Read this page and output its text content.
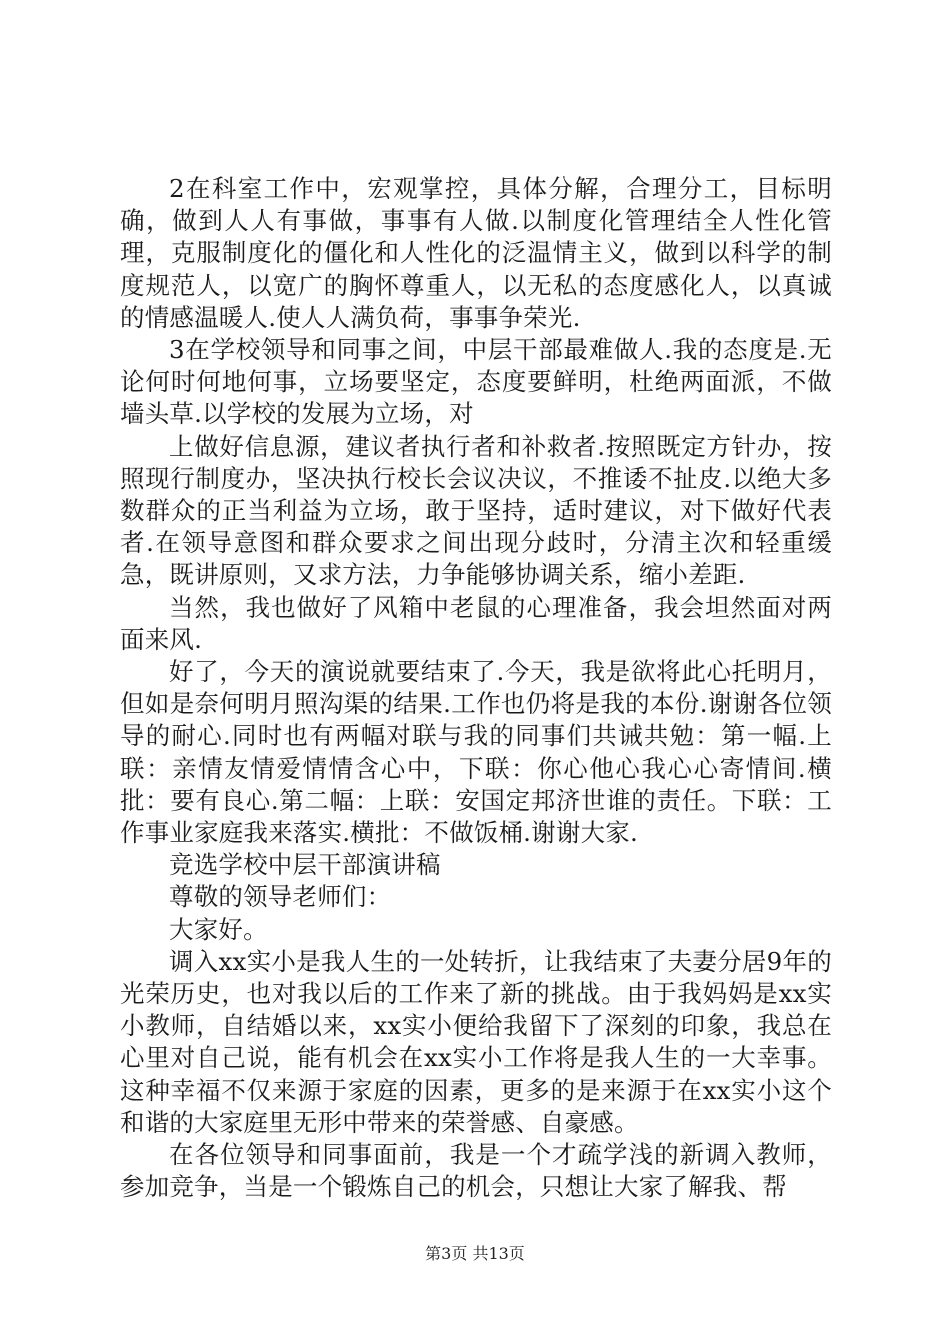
2在科室工作中，宏观掌控，具体分解，合理分工，目标明确，做到人人有事做，事事有人做.以制度化管理结全人性化管理，克服制度化的僵化和人性化的泛温情主义，做到以科学的制度规范人，以宽广的胸怀尊重人，以无私的态度感化人，以真诚的情感温暖人.使人人满负荷，事事争荣光.

3在学校领导和同事之间，中层干部最难做人.我的态度是.无论何时何地何事，立场要坚定，态度要鲜明，杜绝两面派，不做墙头草.以学校的发展为立场，对

上做好信息源，建议者执行者和补救者.按照既定方针办，按照现行制度办，坚决执行校长会议决议，不推诿不扯皮.以绝大多数群众的正当利益为立场，敢于坚持，适时建议，对下做好代表者.在领导意图和群众要求之间出现分歧时，分清主次和轻重缓急，既讲原则，又求方法，力争能够协调关系，缩小差距.

当然，我也做好了风箱中老鼠的心理准备，我会坦然面对两面来风.

好了，今天的演说就要结束了.今天，我是欲将此心托明月，但如是奈何明月照沟渠的结果.工作也仍将是我的本份.谢谢各位领导的耐心.同时也有两幅对联与我的同事们共诫共勉：第一幅.上联：亲情友情爱情情含心中，下联：你心他心我心心寄情间.横批：要有良心.第二幅：上联：安国定邦济世谁的责任。下联：工作事业家庭我来落实.横批：不做饭桶.谢谢大家.

竞选学校中层干部演讲稿

尊敬的领导老师们：

大家好。

调入xx实小是我人生的一处转折，让我结束了夫妻分居9年的光荣历史，也对我以后的工作来了新的挑战。由于我妈妈是xx实小教师，自结婚以来，xx实小便给我留下了深刻的印象，我总在心里对自己说，能有机会在xx实小工作将是我人生的一大幸事。这种幸福不仅来源于家庭的因素，更多的是来源于在xx实小这个和谐的大家庭里无形中带来的荣誉感、自豪感。

在各位领导和同事面前，我是一个才疏学浅的新调入教师，参加竞争，当是一个锻炼自己的机会，只想让大家了解我、帮

第3页 共13页
